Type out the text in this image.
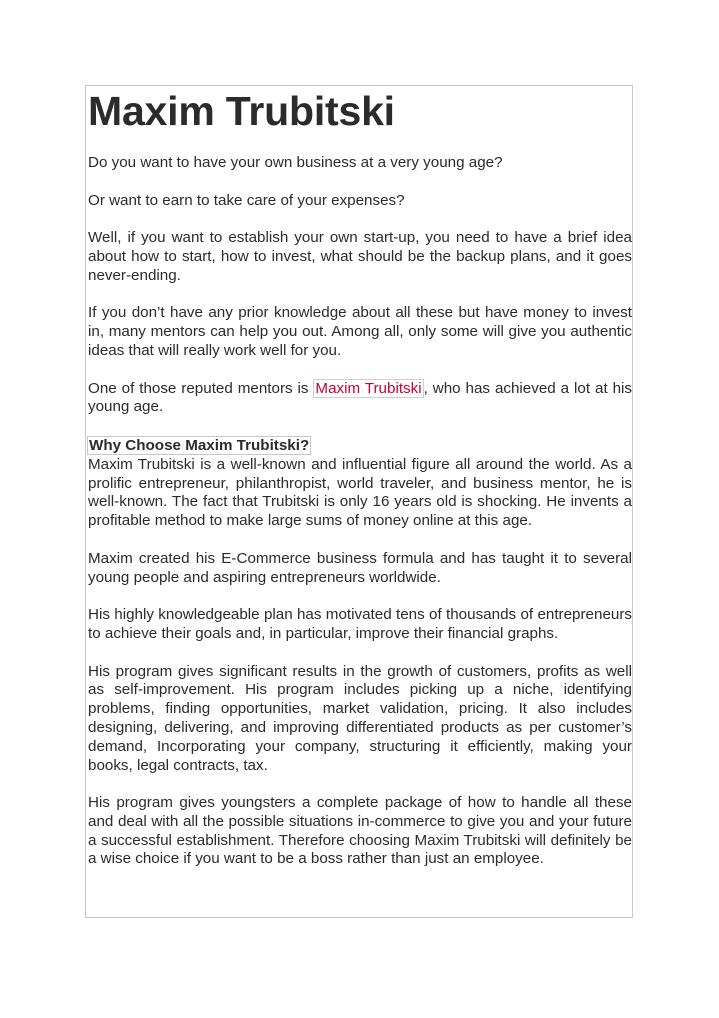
Maxim Trubitski

Do you want to have your own business at a very young age?

Or want to earn to take care of your expenses?

Well, if you want to establish your own start-up, you need to have a brief idea about how to start, how to invest, what should be the backup plans, and it goes never-ending.

If you don’t have any prior knowledge about all these but have money to invest in, many mentors can help you out. Among all, only some will give you authentic ideas that will really work well for you.

One of those reputed mentors is Maxim Trubitski , who has achieved a lot at his young age.

Why Choose Maxim Trubitski?

Maxim Trubitski is a well-known and influential figure all around the world. As a prolific entrepreneur, philanthropist, world traveler, and business mentor, he is well-known. The fact that Trubitski is only 16 years old is shocking. He invents a profitable method to make large sums of money online at this age.

Maxim created his E-Commerce business formula and has taught it to several young people and aspiring entrepreneurs worldwide.

His highly knowledgeable plan has motivated tens of thousands of entrepreneurs to achieve their goals and, in particular, improve their financial graphs.

His program gives significant results in the growth of customers, profits as well as self-improvement. His program includes picking up a niche, identifying problems, finding opportunities, market validation, pricing. It also includes designing, delivering, and improving differentiated products as per customer’s demand, Incorporating your company, structuring it efficiently, making your books, legal contracts, tax.

His program gives youngsters a complete package of how to handle all these and deal with all the possible situations in-commerce to give you and your future a successful establishment. Therefore choosing Maxim Trubitski will definitely be a wise choice if you want to be a boss rather than just an employee.
